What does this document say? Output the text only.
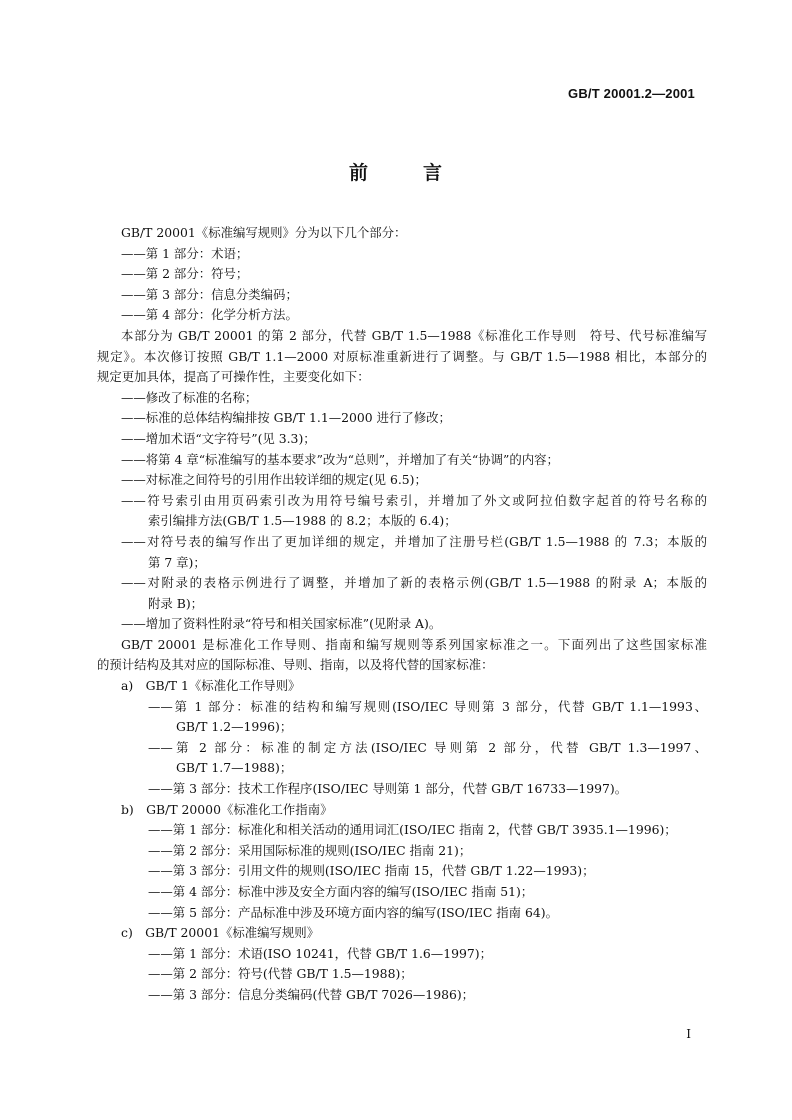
GB/T 20001.2—2001
前	言
GB/T 20001《标准编写规则》分为以下几个部分：
——第 1 部分：术语；
——第 2 部分：符号；
——第 3 部分：信息分类编码；
——第 4 部分：化学分析方法。
本部分为 GB/T 20001 的第 2 部分，代替 GB/T 1.5—1988《标准化工作导则　符号、代号标准编写
规定》。本次修订按照 GB/T 1.1—2000 对原标准重新进行了调整。与 GB/T 1.5—1988 相比，本部分的
规定更加具体，提高了可操作性，主要变化如下：
——修改了标准的名称；
——标准的总体结构编排按 GB/T 1.1—2000 进行了修改；
——增加术语“文字符号”(见 3.3)；
——将第 4 章“标准编写的基本要求”改为“总则”，并增加了有关“协调”的内容；
——对标准之间符号的引用作出较详细的规定(见 6.5)；
——符号索引由用页码索引改为用符号编号索引，并增加了外文或阿拉伯数字起首的符号名称的
索引编排方法(GB/T 1.5—1988 的 8.2；本版的 6.4)；
——对符号表的编写作出了更加详细的规定，并增加了注册号栏(GB/T 1.5—1988 的 7.3；本版的
第 7 章)；
——对附录的表格示例进行了调整，并增加了新的表格示例(GB/T 1.5—1988 的附录 A；本版的
附录 B)；
——增加了资料性附录“符号和相关国家标准”(见附录 A)。
GB/T 20001 是标准化工作导则、指南和编写规则等系列国家标准之一。下面列出了这些国家标准
的预计结构及其对应的国际标准、导则、指南，以及将代替的国家标准：
a)　GB/T 1《标准化工作导则》
——第 1 部分：标准的结构和编写规则(ISO/IEC 导则第 3 部分，代替 GB/T 1.1—1993、
GB/T 1.2—1996)；
——第 2 部分：标准的制定方法(ISO/IEC 导则第 2 部分，代替 GB/T 1.3—1997、
GB/T 1.7—1988)；
——第 3 部分：技术工作程序(ISO/IEC 导则第 1 部分，代替 GB/T 16733—1997)。
b)　GB/T 20000《标准化工作指南》
——第 1 部分：标准化和相关活动的通用词汇(ISO/IEC 指南 2，代替 GB/T 3935.1—1996)；
——第 2 部分：采用国际标准的规则(ISO/IEC 指南 21)；
——第 3 部分：引用文件的规则(ISO/IEC 指南 15，代替 GB/T 1.22—1993)；
——第 4 部分：标准中涉及安全方面内容的编写(ISO/IEC 指南 51)；
——第 5 部分：产品标准中涉及环境方面内容的编写(ISO/IEC 指南 64)。
c)　GB/T 20001《标准编写规则》
——第 1 部分：术语(ISO 10241，代替 GB/T 1.6—1997)；
——第 2 部分：符号(代替 GB/T 1.5—1988)；
——第 3 部分：信息分类编码(代替 GB/T 7026—1986)；
I
